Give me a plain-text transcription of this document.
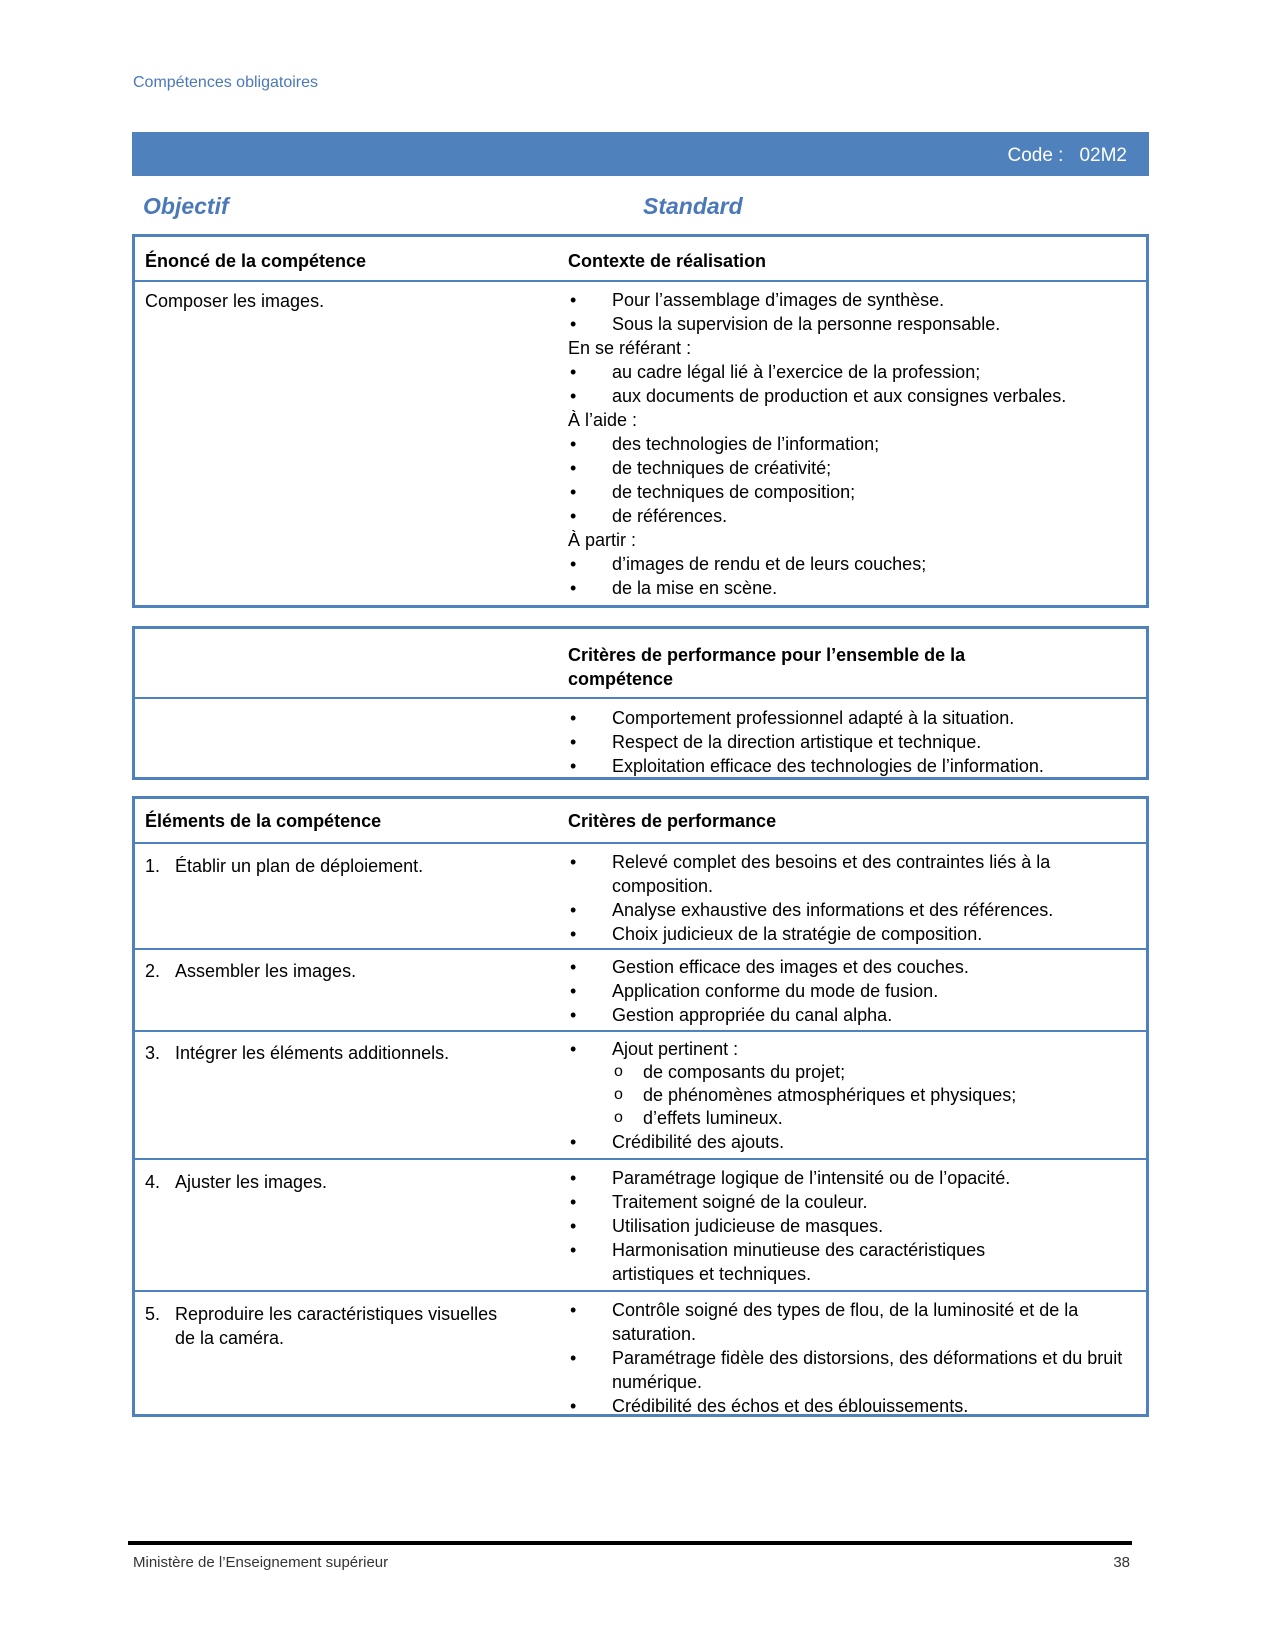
Compétences obligatoires
Code : 02M2
Objectif	Standard
Énoncé de la compétence	Contexte de réalisation
Composer les images.	• Pour l’assemblage d’images de synthèse.
• Sous la supervision de la personne responsable.
En se référant :
• au cadre légal lié à l’exercice de la profession;
• aux documents de production et aux consignes verbales.
À l’aide :
• des technologies de l’information;
• de techniques de créativité;
• de techniques de composition;
• de références.
À partir :
• d’images de rendu et de leurs couches;
• de la mise en scène.
Critères de performance pour l’ensemble de la compétence
• Comportement professionnel adapté à la situation.
• Respect de la direction artistique et technique.
• Exploitation efficace des technologies de l’information.
Éléments de la compétence	Critères de performance
1. Établir un plan de déploiement.	• Relevé complet des besoins et des contraintes liés à la composition.
• Analyse exhaustive des informations et des références.
• Choix judicieux de la stratégie de composition.
2. Assembler les images.	• Gestion efficace des images et des couches.
• Application conforme du mode de fusion.
• Gestion appropriée du canal alpha.
3. Intégrer les éléments additionnels.	• Ajout pertinent :
o de composants du projet;
o de phénomènes atmosphériques et physiques;
o d’effets lumineux.
• Crédibilité des ajouts.
4. Ajuster les images.	• Paramétrage logique de l’intensité ou de l’opacité.
• Traitement soigné de la couleur.
• Utilisation judicieuse de masques.
• Harmonisation minutieuse des caractéristiques artistiques et techniques.
5. Reproduire les caractéristiques visuelles de la caméra.
• Contrôle soigné des types de flou, de la luminosité et de la saturation.
• Paramétrage fidèle des distorsions, des déformations et du bruit numérique.
• Crédibilité des échos et des éblouissements.
Ministère de l’Enseignement supérieur	38
